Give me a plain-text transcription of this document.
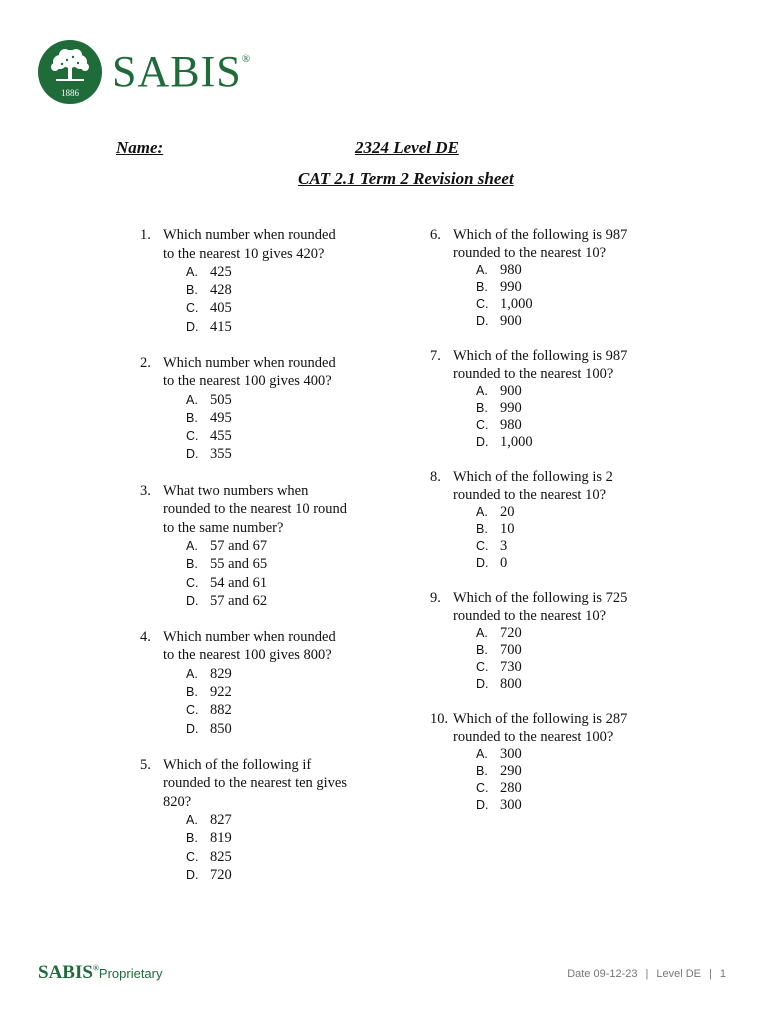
1886 SABIS®
Name:	2324 Level DE
CAT 2.1 Term 2 Revision sheet
1. Which number when rounded
to the nearest 10 gives 420?
A. 425
B. 428
C. 405
D. 415
2. Which number when rounded
to the nearest 100 gives 400?
A. 505
B. 495
C. 455
D. 355
3. What two numbers when
rounded to the nearest 10 round
to the same number?
A. 57 and 67
B. 55 and 65
C. 54 and 61
D. 57 and 62
4. Which number when rounded
to the nearest 100 gives 800?
A. 829
B. 922
C. 882
D. 850
5. Which of the following if
rounded to the nearest ten gives
820?
A. 827
B. 819
C. 825
D. 720
6. Which of the following is 987
rounded to the nearest 10?
A. 980
B. 990
C. 1,000
D. 900
7. Which of the following is 987
rounded to the nearest 100?
A. 900
B. 990
C. 980
D. 1,000
8. Which of the following is 2
rounded to the nearest 10?
A. 20
B. 10
C. 3
D. 0
9. Which of the following is 725
rounded to the nearest 10?
A. 720
B. 700
C. 730
D. 800
10. Which of the following is 287
rounded to the nearest 100?
A. 300
B. 290
C. 280
D. 300
SABIS®Proprietary	Date 09-12-23 | Level DE | 1
